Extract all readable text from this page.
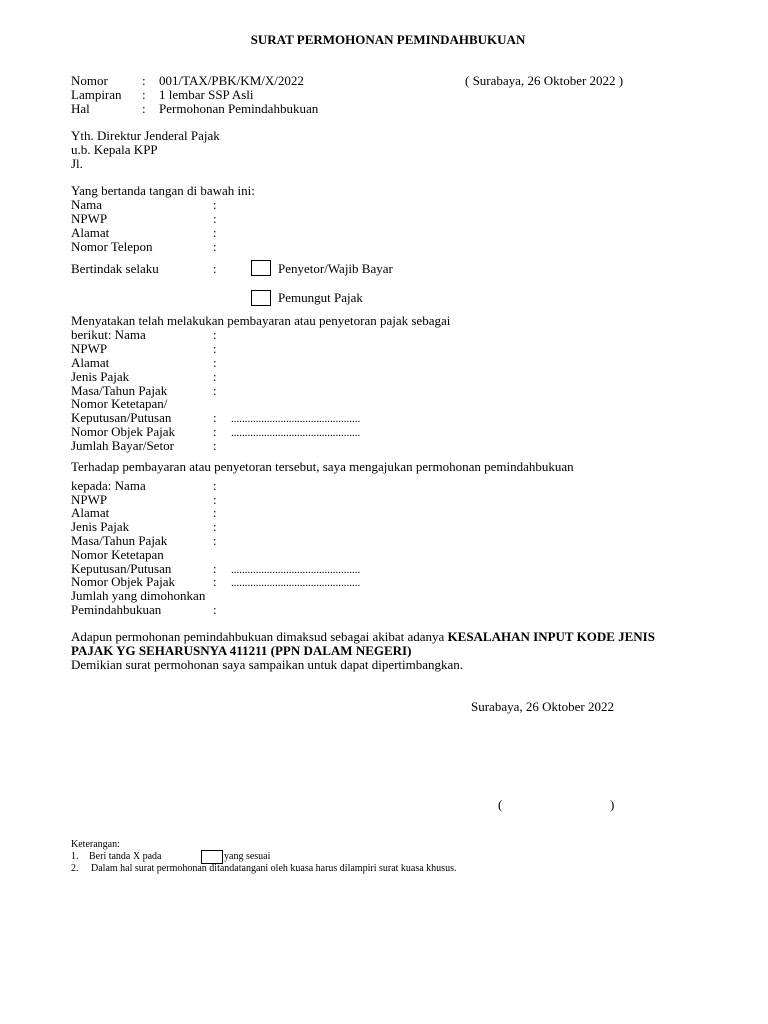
SURAT PERMOHONAN PEMINDAHBUKUAN
Nomor	: 001/TAX/PBK/KM/X/2022	( Surabaya, 26 Oktober 2022 )
Lampiran : 1 lembar SSP Asli
Hal	: Permohonan Pemindahbukuan
Yth. Direktur Jenderal Pajak
u.b. Kepala KPP
Jl.
Yang bertanda tangan di bawah ini:
Nama	:
NPWP	:
Alamat	:
Nomor Telepon	:
Bertindak selaku	:	Penyetor/Wajib Bayar
Pemungut Pajak
Menyatakan telah melakukan pembayaran atau penyetoran pajak sebagai
berikut: Nama	:
NPWP	:
Alamat	:
Jenis Pajak	:
Masa/Tahun Pajak	:
Nomor Ketetapan/
Keputusan/Putusan	: ...............................................
Nomor Objek Pajak	: ...............................................
Jumlah Bayar/Setor	:
Terhadap pembayaran atau penyetoran tersebut, saya mengajukan permohonan pemindahbukuan
kepada: Nama	:
NPWP	:
Alamat	:
Jenis Pajak	:
Masa/Tahun Pajak	:
Nomor Ketetapan
Keputusan/Putusan	: ...............................................
Nomor Objek Pajak	: ...............................................
Jumlah yang dimohonkan
Pemindahbukuan	:
Adapun permohonan pemindahbukuan dimaksud sebagai akibat adanya KESALAHAN INPUT KODE JENIS
PAJAK YG SEHARUSNYA 411211 (PPN DALAM NEGERI)
Demikian surat permohonan saya sampaikan untuk dapat dipertimbangkan.
Surabaya, 26 Oktober 2022
(	)
Keterangan:
1. Beri tanda X pada	yang sesuai
2. Dalam hal surat permohonan ditandatangani oleh kuasa harus dilampiri surat kuasa khusus.
